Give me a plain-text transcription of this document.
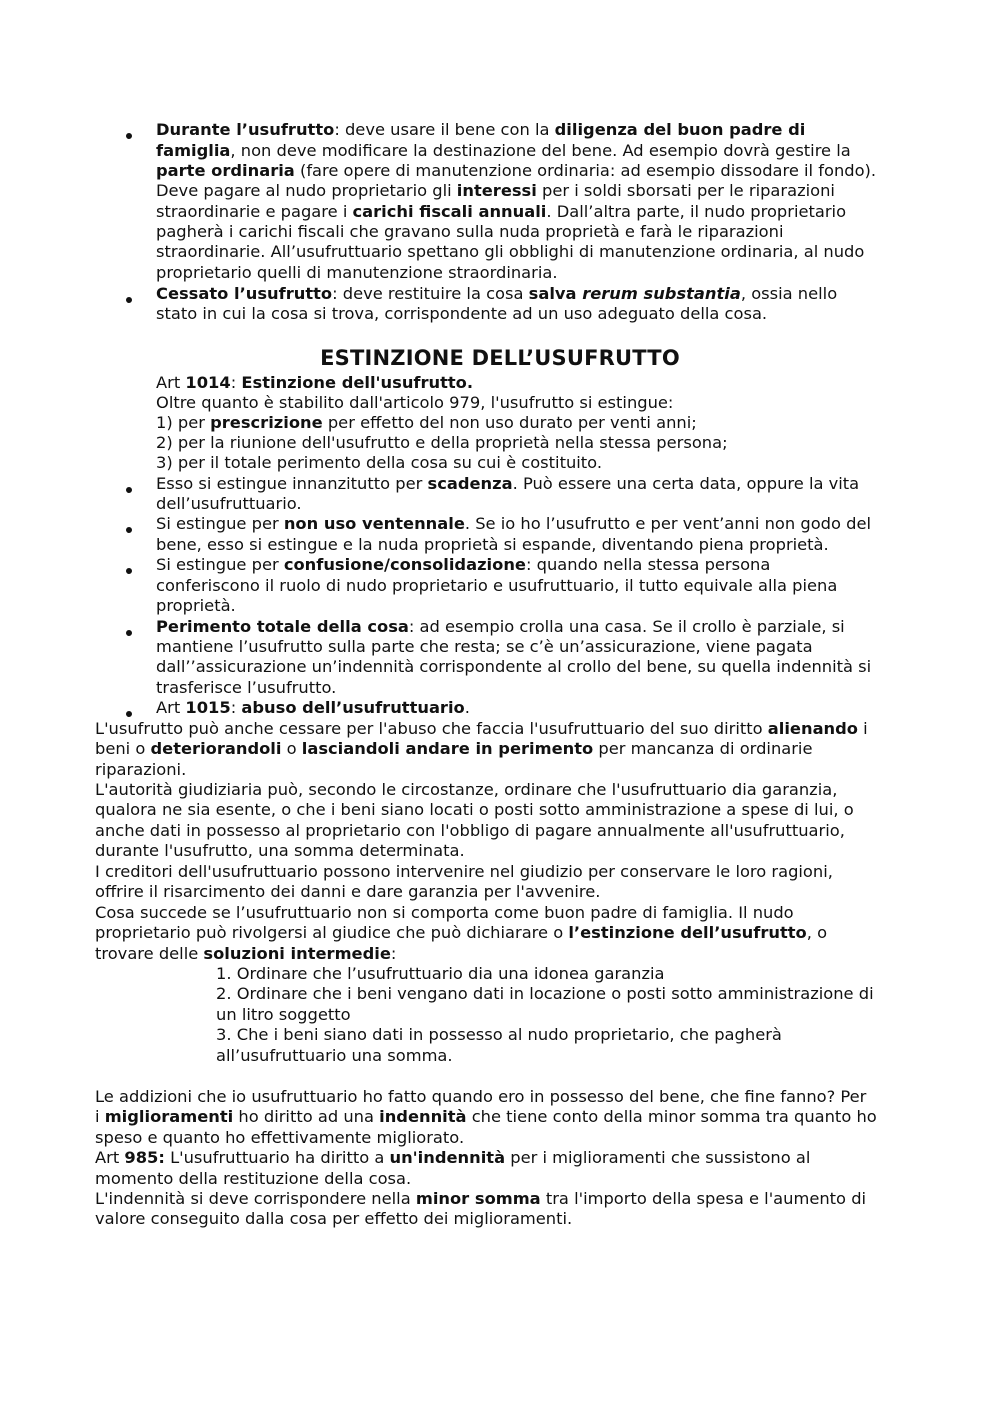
ESTINZIONE DELL’USUFRUTTO
Durante l’usufrutto: deve usare il bene con la diligenza del buon padre di
famiglia, non deve modificare la destinazione del bene. Ad esempio dovrà gestire la
parte ordinaria (fare opere di manutenzione ordinaria: ad esempio dissodare il fondo).
Deve pagare al nudo proprietario gli interessi per i soldi sborsati per le riparazioni
straordinarie e pagare i carichi fiscali annuali. Dall’altra parte, il nudo proprietario
pagherà i carichi fiscali che gravano sulla nuda proprietà e farà le riparazioni
straordinarie. All’usufruttuario spettano gli obblighi di manutenzione ordinaria, al nudo
proprietario quelli di manutenzione straordinaria.
Cessato l’usufrutto: deve restituire la cosa salva rerum substantia, ossia nello
stato in cui la cosa si trova, corrispondente ad un uso adeguato della cosa.
Art 1014: Estinzione dell'usufrutto.
Oltre quanto è stabilito dall'articolo 979, l'usufrutto si estingue:
1) per prescrizione per effetto del non uso durato per venti anni;
2) per la riunione dell'usufrutto e della proprietà nella stessa persona;
3) per il totale perimento della cosa su cui è costituito.
Esso si estingue innanzitutto per scadenza. Può essere una certa data, oppure la vita
dell’usufruttuario.
Si estingue per non uso ventennale. Se io ho l’usufrutto e per vent’anni non godo del
bene, esso si estingue e la nuda proprietà si espande, diventando piena proprietà.
Si estingue per confusione/consolidazione: quando nella stessa persona
conferiscono il ruolo di nudo proprietario e usufruttuario, il tutto equivale alla piena
proprietà.
Perimento totale della cosa: ad esempio crolla una casa. Se il crollo è parziale, si
mantiene l’usufrutto sulla parte che resta; se c’è un’assicurazione, viene pagata
dall’’assicurazione un’indennità corrispondente al crollo del bene, su quella indennità si
trasferisce l’usufrutto.
Art 1015: abuso dell’usufruttuario.
L'usufrutto può anche cessare per l'abuso che faccia l'usufruttuario del suo diritto alienando i
beni o deteriorandoli o lasciandoli andare in perimento per mancanza di ordinarie
riparazioni.
L'autorità giudiziaria può, secondo le circostanze, ordinare che l'usufruttuario dia garanzia,
qualora ne sia esente, o che i beni siano locati o posti sotto amministrazione a spese di lui, o
anche dati in possesso al proprietario con l'obbligo di pagare annualmente all'usufruttuario,
durante l'usufrutto, una somma determinata.
I creditori dell'usufruttuario possono intervenire nel giudizio per conservare le loro ragioni,
offrire il risarcimento dei danni e dare garanzia per l'avvenire.
Cosa succede se l’usufruttuario non si comporta come buon padre di famiglia. Il nudo
proprietario può rivolgersi al giudice che può dichiarare o l’estinzione dell’usufrutto, o
trovare delle soluzioni intermedie:
1. Ordinare che l’usufruttuario dia una idonea garanzia
2. Ordinare che i beni vengano dati in locazione o posti sotto amministrazione di
un litro soggetto
3. Che i beni siano dati in possesso al nudo proprietario, che pagherà
all’usufruttuario una somma.
Le addizioni che io usufruttuario ho fatto quando ero in possesso del bene, che fine fanno? Per
i miglioramenti ho diritto ad una indennità che tiene conto della minor somma tra quanto ho
speso e quanto ho effettivamente migliorato.
Art 985: L'usufruttuario ha diritto a un'indennità per i miglioramenti che sussistono al
momento della restituzione della cosa.
L'indennità si deve corrispondere nella minor somma tra l'importo della spesa e l'aumento di
valore conseguito dalla cosa per effetto dei miglioramenti.
